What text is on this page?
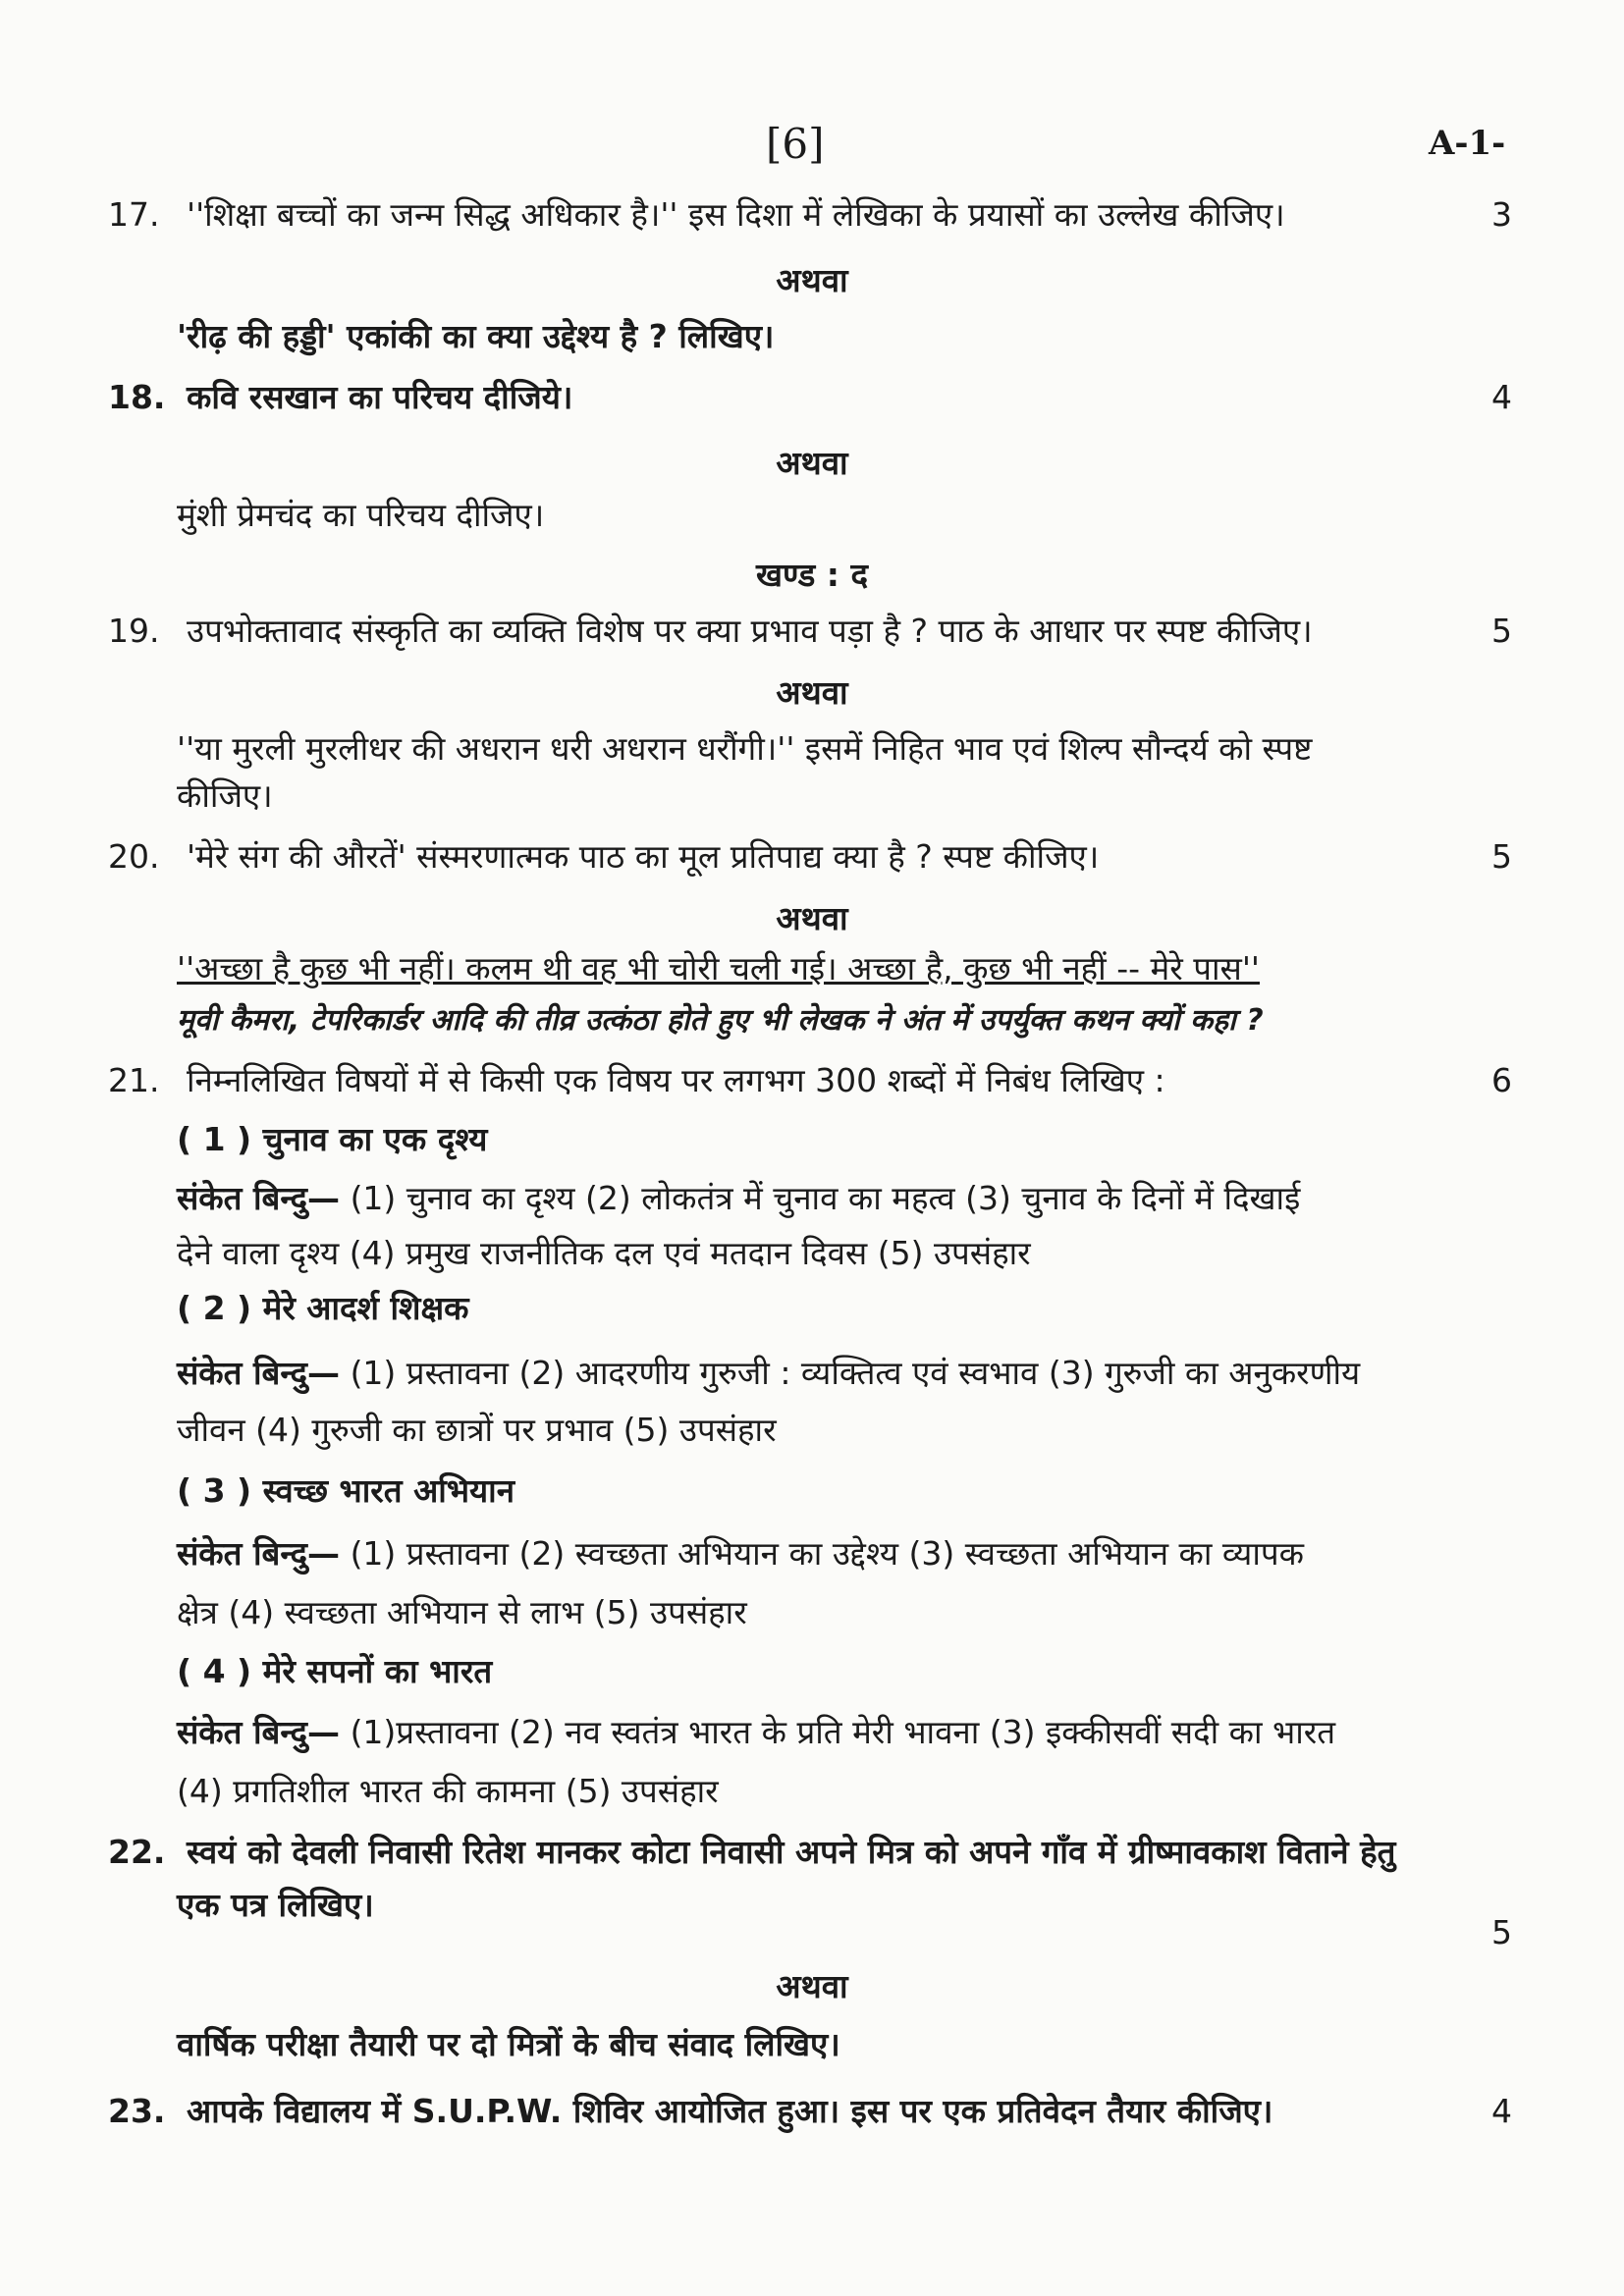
[6]	A-1-
17. ''शिक्षा बच्चों का जन्म सिद्ध अधिकार है।'' इस दिशा में लेखिका के प्रयासों का उल्लेख कीजिए।	3
अथवा
'रीढ़ की हड्डी' एकांकी का क्या उद्देश्य है ? लिखिए।
18. कवि रसखान का परिचय दीजिये।	4
अथवा
मुंशी प्रेमचंद का परिचय दीजिए।
खण्ड : द
19. उपभोक्तावाद संस्कृति का व्यक्ति विशेष पर क्या प्रभाव पड़ा है ? पाठ के आधार पर स्पष्ट कीजिए।	5
अथवा
''या मुरली मुरलीधर की अधरान धरी अधरान धरौंगी।'' इसमें निहित भाव एवं शिल्प सौन्दर्य को स्पष्ट
कीजिए।
20. 'मेरे संग की औरतें' संस्मरणात्मक पाठ का मूल प्रतिपाद्य क्या है ? स्पष्ट कीजिए।	5
अथवा
''अच्छा है कुछ भी नहीं। कलम थी वह भी चोरी चली गई। अच्छा है, कुछ भी नहीं -- मेरे पास''
मूवी कैमरा, टेपरिकार्डर आदि की तीव्र उत्कंठा होते हुए भी लेखक ने अंत में उपर्युक्त कथन क्यों कहा ?
21. निम्नलिखित विषयों में से किसी एक विषय पर लगभग 300 शब्दों में निबंध लिखिए :	6
( 1 ) चुनाव का एक दृश्य
संकेत बिन्दु— (1) चुनाव का दृश्य (2) लोकतंत्र में चुनाव का महत्व (3) चुनाव के दिनों में दिखाई
देने वाला दृश्य (4) प्रमुख राजनीतिक दल एवं मतदान दिवस (5) उपसंहार
( 2 ) मेरे आदर्श शिक्षक
संकेत बिन्दु— (1) प्रस्तावना (2) आदरणीय गुरुजी : व्यक्तित्व एवं स्वभाव (3) गुरुजी का अनुकरणीय
जीवन (4) गुरुजी का छात्रों पर प्रभाव (5) उपसंहार
( 3 ) स्वच्छ भारत अभियान
संकेत बिन्दु— (1) प्रस्तावना (2) स्वच्छता अभियान का उद्देश्य (3) स्वच्छता अभियान का व्यापक
क्षेत्र (4) स्वच्छता अभियान से लाभ (5) उपसंहार
( 4 ) मेरे सपनों का भारत
संकेत बिन्दु— (1)प्रस्तावना (2) नव स्वतंत्र भारत के प्रति मेरी भावना (3) इक्कीसवीं सदी का भारत
(4) प्रगतिशील भारत की कामना (5) उपसंहार
22. स्वयं को देवली निवासी रितेश मानकर कोटा निवासी अपने मित्र को अपने गाँव में ग्रीष्मावकाश विताने हेतु
एक पत्र लिखिए।
5
अथवा
वार्षिक परीक्षा तैयारी पर दो मित्रों के बीच संवाद लिखिए।
23. आपके विद्यालय में S.U.P.W. शिविर आयोजित हुआ। इस पर एक प्रतिवेदन तैयार कीजिए।	4
